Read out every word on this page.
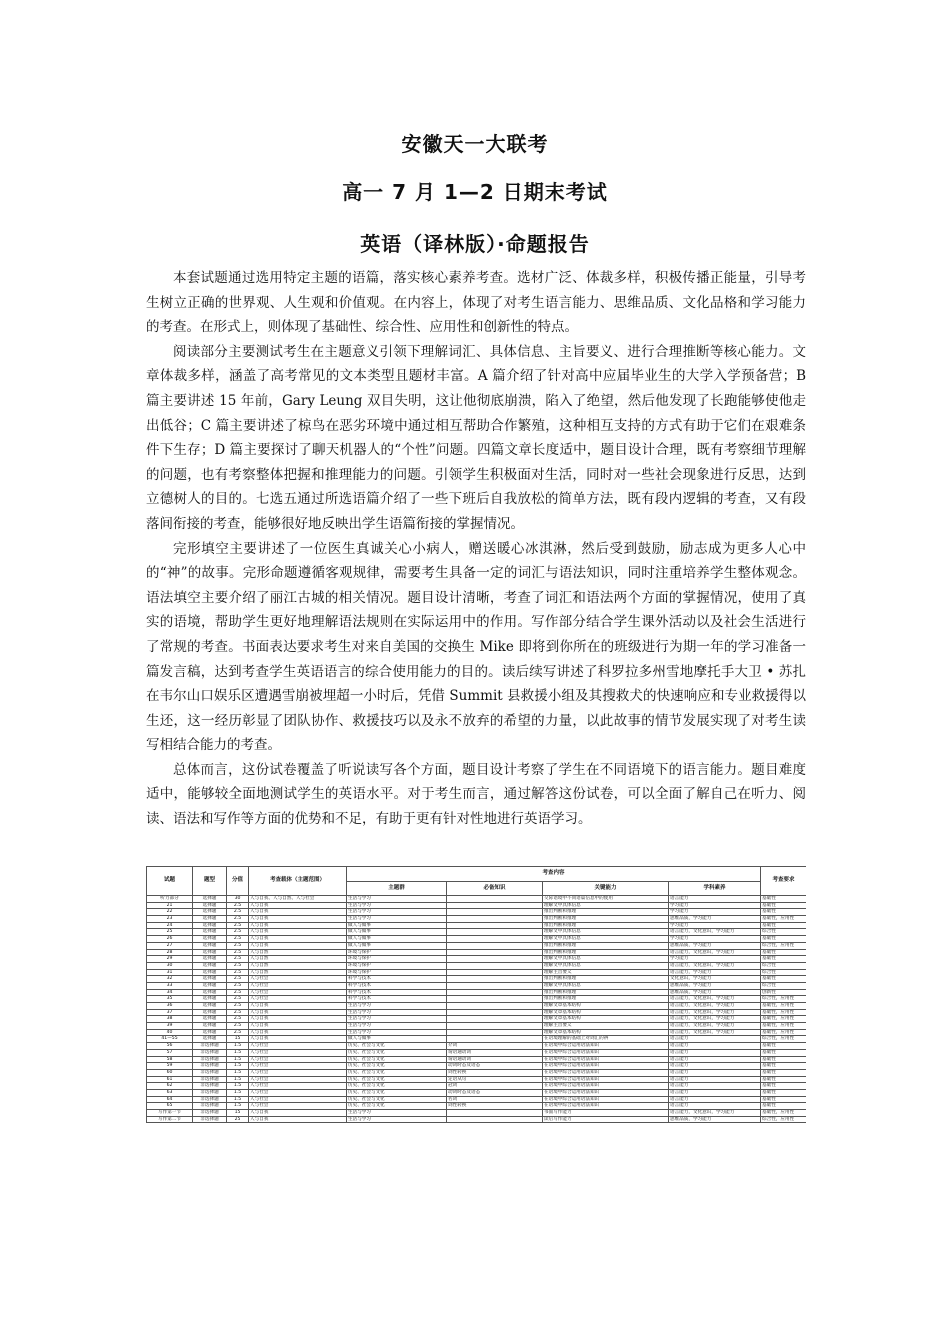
安徽天一大联考
高一 7 月 1—2 日期末考试
英语（译林版）·命题报告

本套试题通过选用特定主题的语篇，落实核心素养考查。选材广泛、体裁多样，积极传播正能量，引导考生树立正确的世界观、人生观和价值观。在内容上，体现了对考生语言能力、思维品质、文化品格和学习能力的考查。在形式上，则体现了基础性、综合性、应用性和创新性的特点。

阅读部分主要测试考生在主题意义引领下理解词汇、具体信息、主旨要义、进行合理推断等核心能力。文章体裁多样，涵盖了高考常见的文本类型且题材丰富。A 篇介绍了针对高中应届毕业生的大学入学预备营；B 篇主要讲述 15 年前，Gary Leung 双目失明，这让他彻底崩溃，陷入了绝望，然后他发现了长跑能够使他走出低谷；C 篇主要讲述了椋鸟在恶劣环境中通过相互帮助合作繁殖，这种相互支持的方式有助于它们在艰难条件下生存；D 篇主要探讨了聊天机器人的“个性”问题。四篇文章长度适中，题目设计合理，既有考察细节理解的问题，也有考察整体把握和推理能力的问题。引领学生积极面对生活，同时对一些社会现象进行反思，达到立德树人的目的。七选五通过所选语篇介绍了一些下班后自我放松的简单方法，既有段内逻辑的考查，又有段落间衔接的考查，能够很好地反映出学生语篇衔接的掌握情况。

完形填空主要讲述了一位医生真诚关心小病人，赠送暖心冰淇淋，然后受到鼓励，励志成为更多人心中的“神”的故事。完形命题遵循客观规律，需要考生具备一定的词汇与语法知识，同时注重培养学生整体观念。语法填空主要介绍了丽江古城的相关情况。题目设计清晰，考查了词汇和语法两个方面的掌握情况，使用了真实的语境，帮助学生更好地理解语法规则在实际运用中的作用。写作部分结合学生课外活动以及社会生活进行了常规的考查。书面表达要求考生对来自美国的交换生 Mike 即将到你所在的班级进行为期一年的学习准备一篇发言稿，达到考查学生英语语言的综合使用能力的目的。读后续写讲述了科罗拉多州雪地摩托手大卫 • 苏扎在韦尔山口娱乐区遭遇雪崩被埋超一小时后，凭借 Summit 县救援小组及其搜救犬的快速响应和专业救援得以生还，这一经历彰显了团队协作、救援技巧以及永不放弃的希望的力量，以此故事的情节发展实现了对考生读写相结合能力的考查。

总体而言，这份试卷覆盖了听说读写各个方面，题目设计考察了学生在不同语境下的语言能力。题目难度适中，能够较全面地测试学生的英语水平。对于考生而言，通过解答这份试卷，可以全面了解自己在听力、阅读、语法和写作等方面的优势和不足，有助于更有针对性地进行英语学习。

试题	题型	分值	考查载体（主题范围）	考查内容				考查要求
				主题群	必备知识	关键能力	学科素养	
听力部分	选择题	30	人与自我、人与自然、人与社会	生活与学习		交际语境中不同语篇信息中的使用	语言能力	基础性
21	选择题	2.5	人与自我	生活与学习		理解文中具体信息	学习能力	基础性
22	选择题	2.5	人与自我	生活与学习		推出判断和推理	学习能力	基础性
23	选择题	2.5	人与自我	生活与学习		推出判断和推理	思维品质，学习能力	基础性，应用性
24	选择题	2.5	人与自我	做人与做事		推出判断和推理	学习能力	基础性
25	选择题	2.5	人与自我	做人与做事		理解文中具体信息	语言能力，文化意识，学习能力	综合性
26	选择题	2.5	人与自我	做人与做事		理解文中具体信息	学习能力	基础性
27	选择题	2.5	人与自我	做人与做事		推出判断和推理	思维品质，学习能力	综合性，应用性
28	选择题	2.5	人与自然	环境与保护		推出判断和推理	语言能力，文化意识，学习能力	基础性
29	选择题	2.5	人与自然	环境与保护		理解文中具体信息	学习能力	基础性
30	选择题	2.5	人与自然	环境与保护		理解文中具体信息	语言能力，文化意识，学习能力	综合性
31	选择题	2.5	人与自然	环境与保护		理解主旨要义	语言能力，学习能力	综合性
32	选择题	2.5	人与社会	科学与技术		推出判断和推理	文化意识，学习能力	基础性
33	选择题	2.5	人与社会	科学与技术		理解文中具体信息	思维品质，学习能力	综合性
34	选择题	2.5	人与社会	科学与技术		推出判断和推理	思维品质，学习能力	创新性
35	选择题	2.5	人与社会	科学与技术		推出判断和推理	语言能力，文化意识，学习能力	综合性，应用性
36	选择题	2.5	人与自我	生活与学习		理解文章基本结构	语言能力，文化意识，学习能力	基础性，应用性
37	选择题	2.5	人与自我	生活与学习		理解文章基本结构	语言能力，文化意识，学习能力	基础性，应用性
38	选择题	2.5	人与自我	生活与学习		理解文章基本结构	语言能力，文化意识，学习能力	基础性，应用性
39	选择题	2.5	人与自我	生活与学习		理解主旨要义	语言能力，文化意识，学习能力	基础性，应用性
40	选择题	2.5	人与自我	生活与学习		理解文章基本结构	语言能力，文化意识，学习能力	基础性，应用性
41—55	选择题	15	人与自我	做人与做事		在语境理解的基础上对词汇的辨	语言能力	综合性，应用性
56	非选择题	1.5	人与社会	历史、社会与文化	介词	在语境中综合运用语法知识	语言能力	基础性
57	非选择题	1.5	人与社会	历史、社会与文化	谓语通动词	在语境中综合运用语法知识	语言能力	基础性
58	非选择题	1.5	人与社会	历史、社会与文化	谓语通动词	在语境中综合运用语法知识	语言能力	基础性
59	非选择题	1.5	人与社会	历史、社会与文化	动词时态及语态	在语境中综合运用语法知识	语言能力	基础性
60	非选择题	1.5	人与社会	历史、社会与文化	词性转换	在语境中综合运用语法知识	语言能力	基础性
61	非选择题	1.5	人与社会	历史、社会与文化	定语从句	在语境中综合运用语法知识	语言能力	基础性
62	非选择题	1.5	人与社会	历史、社会与文化	冠词	在语境中综合运用语法知识	语言能力	基础性
63	非选择题	1.5	人与社会	历史、社会与文化	动词时态及语态	在语境中综合运用语法知识	语言能力	基础性
64	非选择题	1.5	人与社会	历史、社会与文化	名词	在语境中综合运用语法知识	语言能力	基础性
65	非选择题	1.5	人与社会	历史、社会与文化	词性转换	在语境中综合运用语法知识	语言能力	基础性
写作第一节	非选择题	15	人与自我	生活与学习		书面写作能力	语言能力，文化意识，学习能力	基础性，应用性
写作第二节	非选择题	25	人与自我	生活与学习		读后写作能力	思维品质，学习能力	综合性，应用性
